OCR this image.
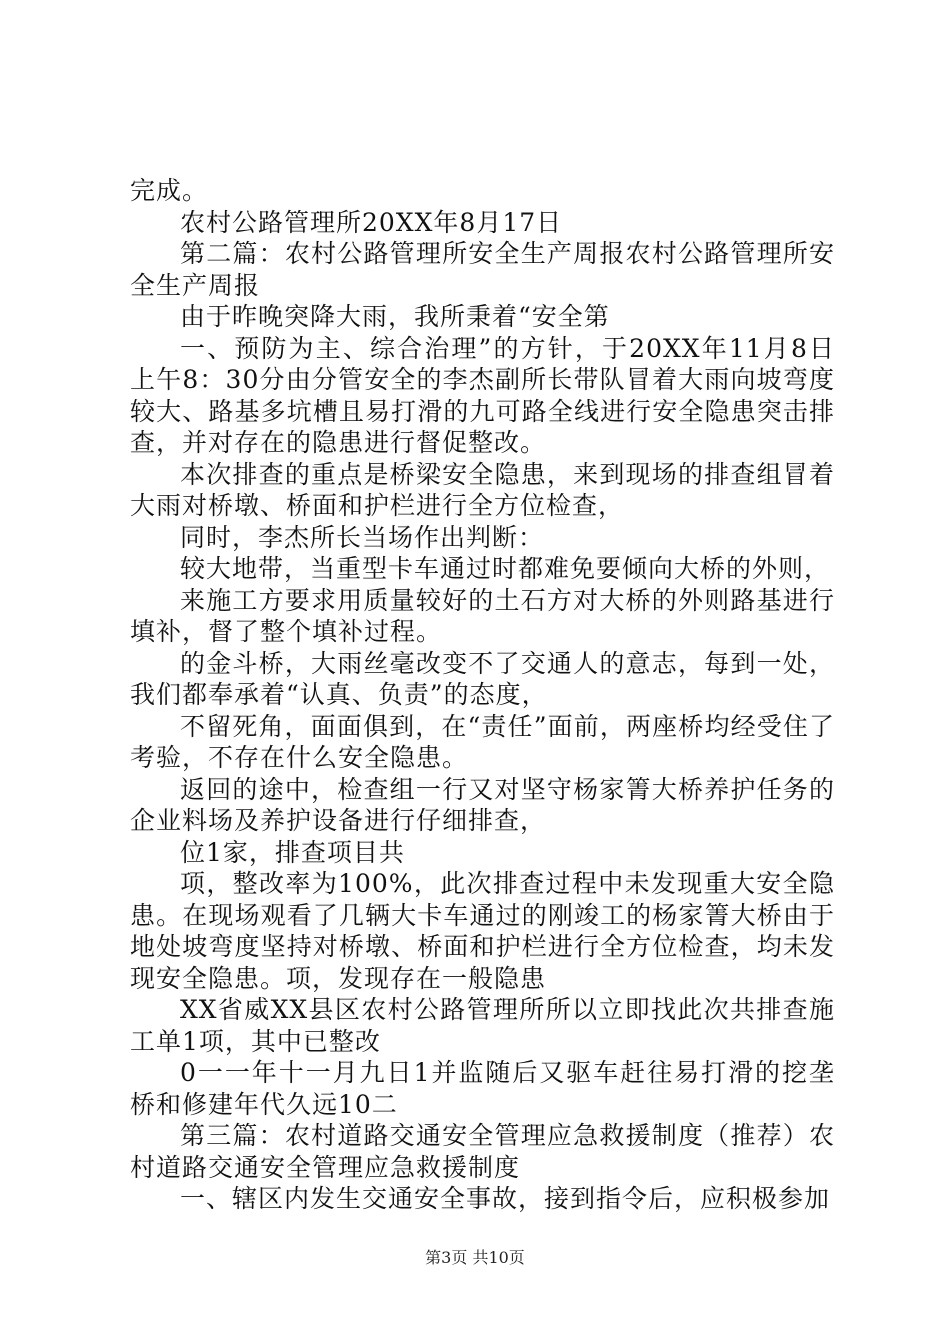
完成。

农村公路管理所20XX年8月17日

第二篇：农村公路管理所安全生产周报农村公路管理所安全生产周报

由于昨晚突降大雨，我所秉着“安全第

一、预防为主、综合治理”的方针，于20XX年11月8日上午8：30分由分管安全的李杰副所长带队冒着大雨向坡弯度较大、路基多坑槽且易打滑的九可路全线进行安全隐患突击排查，并对存在的隐患进行督促整改。

本次排查的重点是桥梁安全隐患，来到现场的排查组冒着大雨对桥墩、桥面和护栏进行全方位检查，

同时，李杰所长当场作出判断：

较大地带，当重型卡车通过时都难免要倾向大桥的外则，

来施工方要求用质量较好的土石方对大桥的外则路基进行填补，督了整个填补过程。

的金斗桥，大雨丝毫改变不了交通人的意志，每到一处，我们都奉承着“认真、负责”的态度，

不留死角，面面俱到，在“责任”面前，两座桥均经受住了考验，不存在什么安全隐患。

返回的途中，检查组一行又对坚守杨家箐大桥养护任务的企业料场及养护设备进行仔细排查，

位1家，排查项目共

项，整改率为100%，此次排查过程中未发现重大安全隐患。在现场观看了几辆大卡车通过的刚竣工的杨家箐大桥由于地处坡弯度坚持对桥墩、桥面和护栏进行全方位检查，均未发现安全隐患。项，发现存在一般隐患

XX省威XX县区农村公路管理所所以立即找此次共排查施工单1项，其中已整改

0一一年十一月九日1并监随后又驱车赶往易打滑的挖垄桥和修建年代久远10二

第三篇：农村道路交通安全管理应急救援制度（推荐）农村道路交通安全管理应急救援制度

一、辖区内发生交通安全事故，接到指令后，应积极参加

第3页 共10页
